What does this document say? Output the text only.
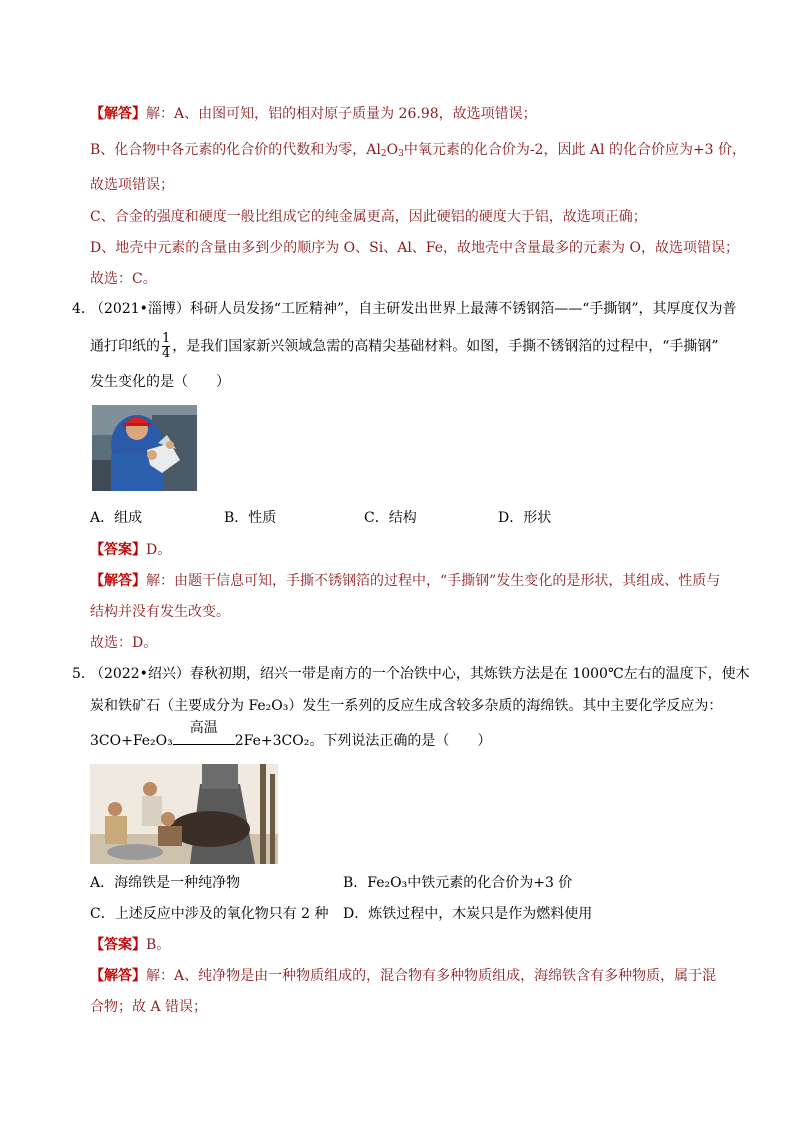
【解答】解：A、由图可知，铝的相对原子质量为 26.98，故选项错误；
B、化合物中各元素的化合价的代数和为零，$Al_2O_3$中氧元素的化合价为-2，因此 Al 的化合价应为+3 价，
故选项错误；
C、合金的强度和硬度一般比组成它的纯金属更高，因此硬铝的硬度大于铝，故选项正确；
D、地壳中元素的含量由多到少的顺序为 O、Si、Al、Fe，故地壳中含量最多的元素为 O，故选项错误；
故选：C。
4．
（2021•淄博）科研人员发扬“工匠精神”，自主研发出世界上最薄不锈钢箔——“手撕钢”，其厚度仅为普
通打印纸的 $\frac{1}{4}$ ，是我们国家新兴领域急需的高精尖基础材料。如图，手撕不锈钢箔的过程中，“手撕钢”
发生变化的是（　　）
A．组成	B．性质	C．结构	D．形状
【答案】D。
【解答】解：由题干信息可知，手撕不锈钢箔的过程中，“手撕钢”发生变化的是形状，其组成、性质与
结构并没有发生改变。
故选：D。
5．
（2022•绍兴）春秋初期，绍兴一带是南方的一个冶铁中心，其炼铁方法是在 1000℃左右的温度下，使木
炭和铁矿石（主要成分为 Fe₂O₃）发生一系列的反应生成含较多杂质的海绵铁。其中主要化学反应为：
3CO+Fe₂O₃
高温
2Fe+3CO₂。下列说法正确的是（　　）
A．海绵铁是一种纯净物	B．Fe₂O₃中铁元素的化合价为+3 价
C．上述反应中涉及的氧化物只有 2 种 D．炼铁过程中，木炭只是作为燃料使用
【答案】B。
【解答】解：A、纯净物是由一种物质组成的，混合物有多种物质组成，海绵铁含有多种物质，属于混
合物；故 A 错误；
